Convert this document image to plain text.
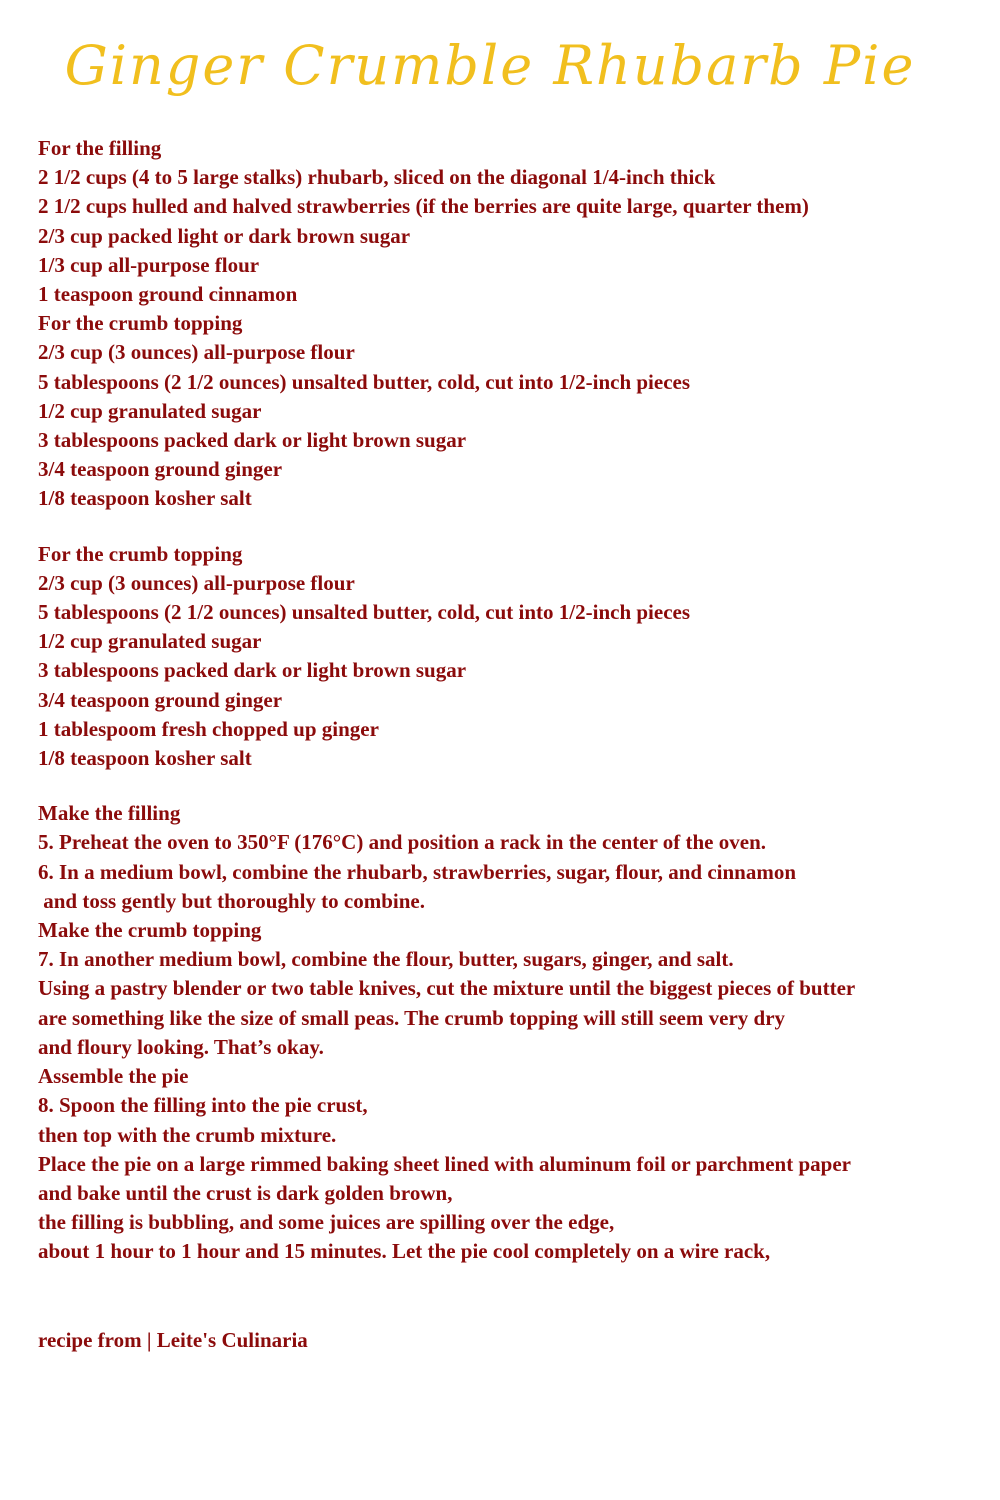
Ginger Crumble Rhubarb Pie
For the filling
2 1/2 cups (4 to 5 large stalks) rhubarb, sliced on the diagonal 1/4-inch thick
2 1/2 cups hulled and halved strawberries (if the berries are quite large, quarter them)
2/3 cup packed light or dark brown sugar
1/3 cup all-purpose flour
1 teaspoon ground cinnamon
For the crumb topping
2/3 cup (3 ounces) all-purpose flour
5 tablespoons (2 1/2 ounces) unsalted butter, cold, cut into 1/2-inch pieces
1/2 cup granulated sugar
3 tablespoons packed dark or light brown sugar
3/4 teaspoon ground ginger
1/8 teaspoon kosher salt
For the crumb topping
2/3 cup (3 ounces) all-purpose flour
5 tablespoons (2 1/2 ounces) unsalted butter, cold, cut into 1/2-inch pieces
1/2 cup granulated sugar
3 tablespoons packed dark or light brown sugar
3/4 teaspoon ground ginger
1 tablespoom fresh chopped up ginger
1/8 teaspoon kosher salt
Make the filling
5. Preheat the oven to 350°F (176°C) and position a rack in the center of the oven.
6. In a medium bowl, combine the rhubarb, strawberries, sugar, flour, and cinnamon
and toss gently but thoroughly to combine.
Make the crumb topping
7. In another medium bowl, combine the flour, butter, sugars, ginger, and salt.
Using a pastry blender or two table knives, cut the mixture until the biggest pieces of butter
are something like the size of small peas. The crumb topping will still seem very dry
and floury looking. That’s okay.
Assemble the pie
8. Spoon the filling into the pie crust,
then top with the crumb mixture.
Place the pie on a large rimmed baking sheet lined with aluminum foil or parchment paper
and bake until the crust is dark golden brown,
the filling is bubbling, and some juices are spilling over the edge,
about 1 hour to 1 hour and 15 minutes. Let the pie cool completely on a wire rack,
recipe from | Leite's Culinaria
